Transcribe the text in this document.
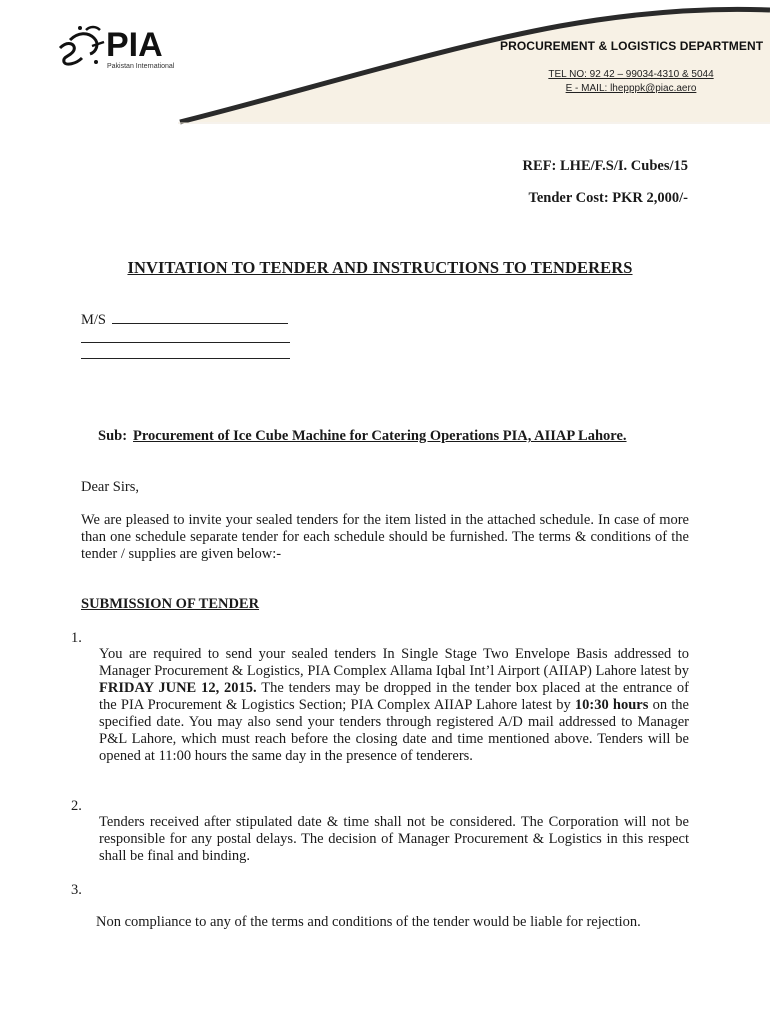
PIA
Pakistan International
PROCUREMENT & LOGISTICS DEPARTMENT
TEL NO: 92 42 – 99034-4310 & 5044
E - MAIL: lhepppk@piac.aero
REF: LHE/F.S/I. Cubes/15
Tender Cost: PKR 2,000/-
INVITATION TO TENDER AND INSTRUCTIONS TO TENDERERS
M/S
Sub: Procurement of Ice Cube Machine for Catering Operations PIA, AIIAP Lahore.
Dear Sirs,

We are pleased to invite your sealed tenders for the item listed in the attached schedule. In case of more than one schedule separate tender for each schedule should be furnished. The terms & conditions of the tender / supplies are given below:-

SUBMISSION OF TENDER
1.

You are required to send your sealed tenders In Single Stage Two Envelope Basis addressed to Manager Procurement & Logistics, PIA Complex Allama Iqbal Int’l Airport (AIIAP) Lahore latest by FRIDAY JUNE 12, 2015. The tenders may be dropped in the tender box placed at the entrance of the PIA Procurement & Logistics Section; PIA Complex AIIAP Lahore latest by 10:30 hours on the specified date. You may also send your tenders through registered A/D mail addressed to Manager P&L Lahore, which must reach before the closing date and time mentioned above. Tenders will be opened at 11:00 hours the same day in the presence of tenderers.

2.

Tenders received after stipulated date & time shall not be considered. The Corporation will not be responsible for any postal delays. The decision of Manager Procurement & Logistics in this respect shall be final and binding.

3.

Non compliance to any of the terms and conditions of the tender would be liable for rejection.
